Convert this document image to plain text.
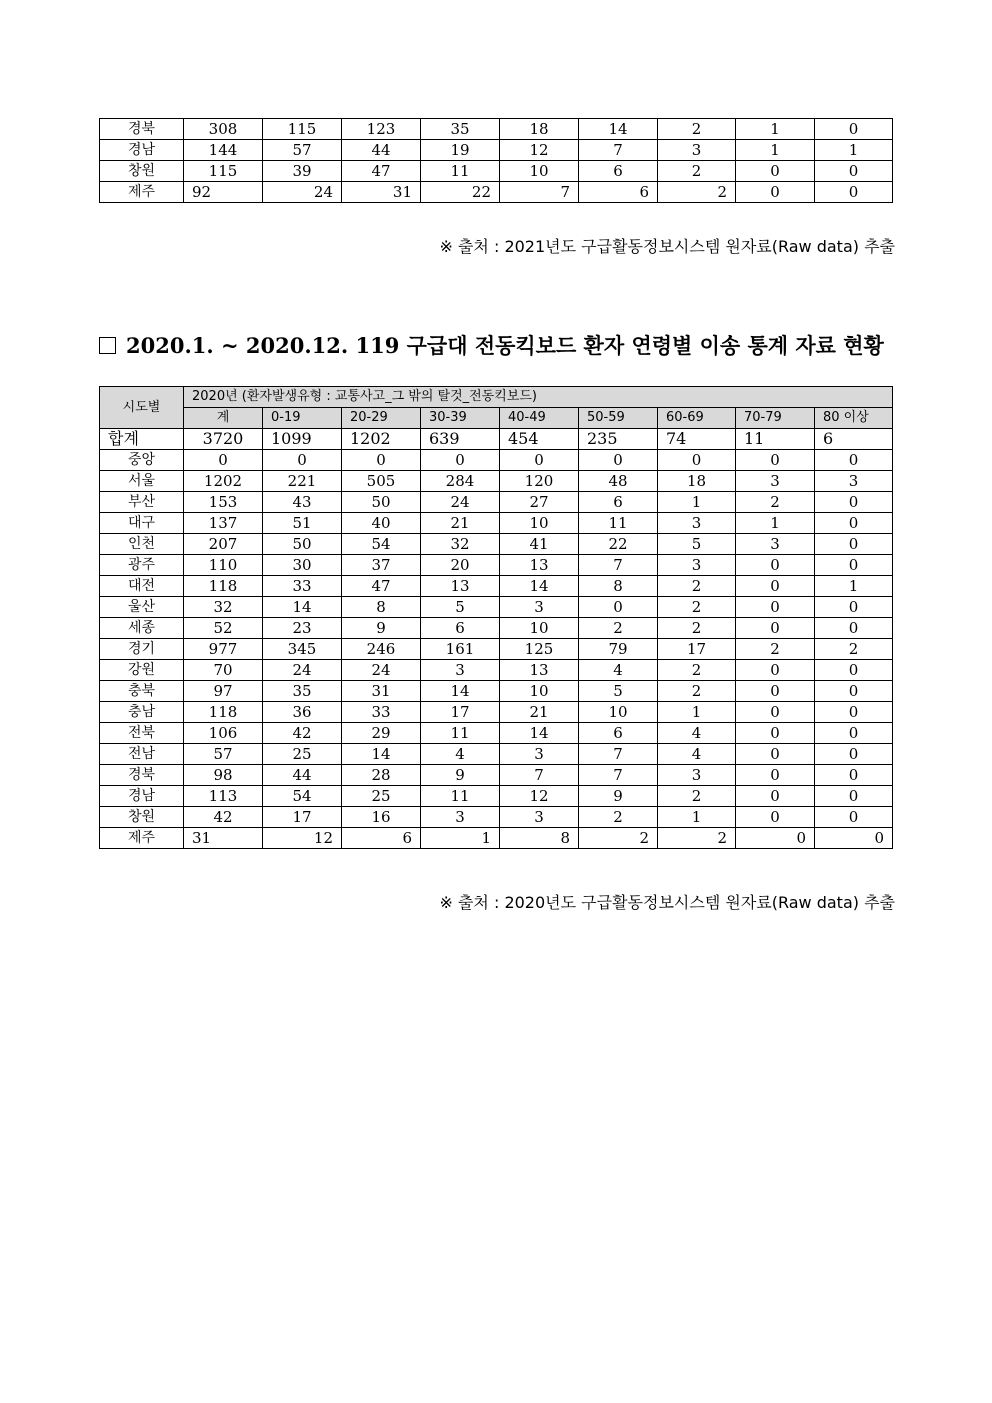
경북	308	115	123	35	18	14	2	1	0
경남	144	57	44	19	12	7	3	1	1
창원	115	39	47	11	10	6	2	0	0
제주	92	24	31	22	7	6	2	0	0
※ 출처 : 2021년도 구급활동정보시스템 원자료(Raw data) 추출
2020.1. ~ 2020.12. 119 구급대 전동킥보드 환자 연령별 이송 통계 자료 현황
시도별	2020년 (환자발생유형 : 교통사고_그 밖의 탈것_전동킥보드)								
	계	0-19	20-29	30-39	40-49	50-59	60-69	70-79	80 이상
합계	3720	1099	1202	639	454	235	74	11	6
중앙	0	0	0	0	0	0	0	0	0
서울	1202	221	505	284	120	48	18	3	3
부산	153	43	50	24	27	6	1	2	0
대구	137	51	40	21	10	11	3	1	0
인천	207	50	54	32	41	22	5	3	0
광주	110	30	37	20	13	7	3	0	0
대전	118	33	47	13	14	8	2	0	1
울산	32	14	8	5	3	0	2	0	0
세종	52	23	9	6	10	2	2	0	0
경기	977	345	246	161	125	79	17	2	2
강원	70	24	24	3	13	4	2	0	0
충북	97	35	31	14	10	5	2	0	0
충남	118	36	33	17	21	10	1	0	0
전북	106	42	29	11	14	6	4	0	0
전남	57	25	14	4	3	7	4	0	0
경북	98	44	28	9	7	7	3	0	0
경남	113	54	25	11	12	9	2	0	0
창원	42	17	16	3	3	2	1	0	0
제주	31	12	6	1	8	2	2	0	0
※ 출처 : 2020년도 구급활동정보시스템 원자료(Raw data) 추출
